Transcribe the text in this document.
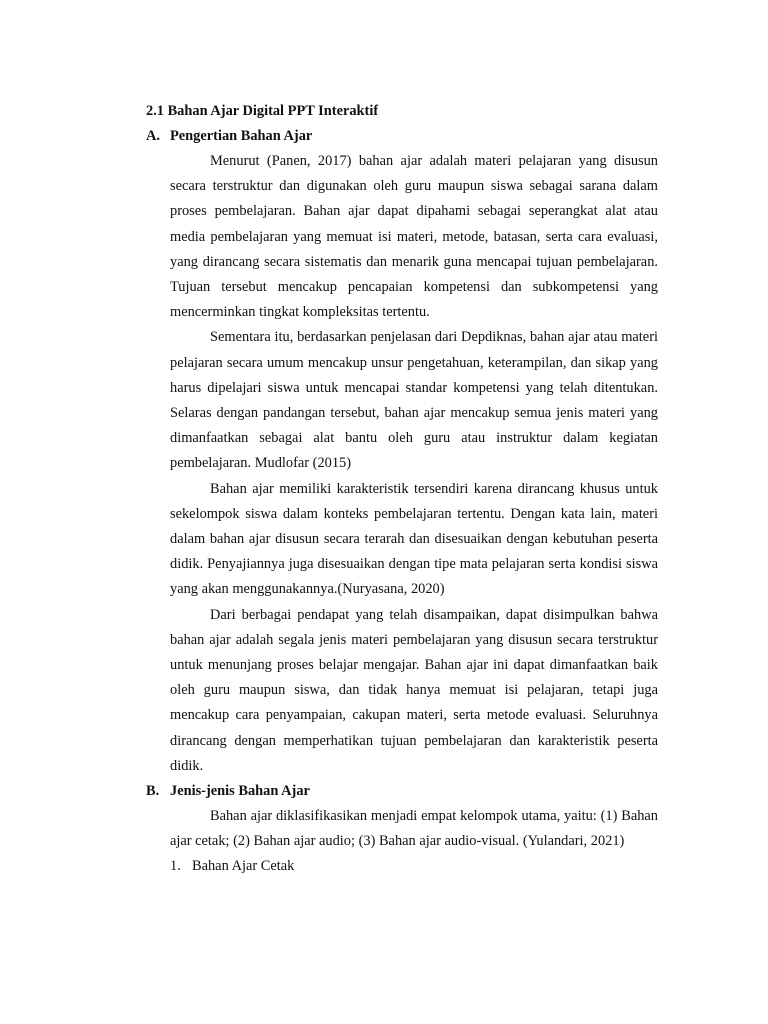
2.1 Bahan Ajar Digital PPT Interaktif

A. Pengertian Bahan Ajar

Menurut (Panen, 2017) bahan ajar adalah materi pelajaran yang disusun secara terstruktur dan digunakan oleh guru maupun siswa sebagai sarana dalam proses pembelajaran. Bahan ajar dapat dipahami sebagai seperangkat alat atau media pembelajaran yang memuat isi materi, metode, batasan, serta cara evaluasi, yang dirancang secara sistematis dan menarik guna mencapai tujuan pembelajaran. Tujuan tersebut mencakup pencapaian kompetensi dan subkompetensi yang mencerminkan tingkat kompleksitas tertentu.

Sementara itu, berdasarkan penjelasan dari Depdiknas, bahan ajar atau materi pelajaran secara umum mencakup unsur pengetahuan, keterampilan, dan sikap yang harus dipelajari siswa untuk mencapai standar kompetensi yang telah ditentukan. Selaras dengan pandangan tersebut, bahan ajar mencakup semua jenis materi yang dimanfaatkan sebagai alat bantu oleh guru atau instruktur dalam kegiatan pembelajaran. Mudlofar (2015)

Bahan ajar memiliki karakteristik tersendiri karena dirancang khusus untuk sekelompok siswa dalam konteks pembelajaran tertentu. Dengan kata lain, materi dalam bahan ajar disusun secara terarah dan disesuaikan dengan kebutuhan peserta didik. Penyajiannya juga disesuaikan dengan tipe mata pelajaran serta kondisi siswa yang akan menggunakannya.(Nuryasana, 2020)

Dari berbagai pendapat yang telah disampaikan, dapat disimpulkan bahwa bahan ajar adalah segala jenis materi pembelajaran yang disusun secara terstruktur untuk menunjang proses belajar mengajar. Bahan ajar ini dapat dimanfaatkan baik oleh guru maupun siswa, dan tidak hanya memuat isi pelajaran, tetapi juga mencakup cara penyampaian, cakupan materi, serta metode evaluasi. Seluruhnya dirancang dengan memperhatikan tujuan pembelajaran dan karakteristik peserta didik.

B. Jenis-jenis Bahan Ajar

Bahan ajar diklasifikasikan menjadi empat kelompok utama, yaitu: (1) Bahan ajar cetak; (2) Bahan ajar audio; (3) Bahan ajar audio-visual. (Yulandari, 2021)

1. Bahan Ajar Cetak
